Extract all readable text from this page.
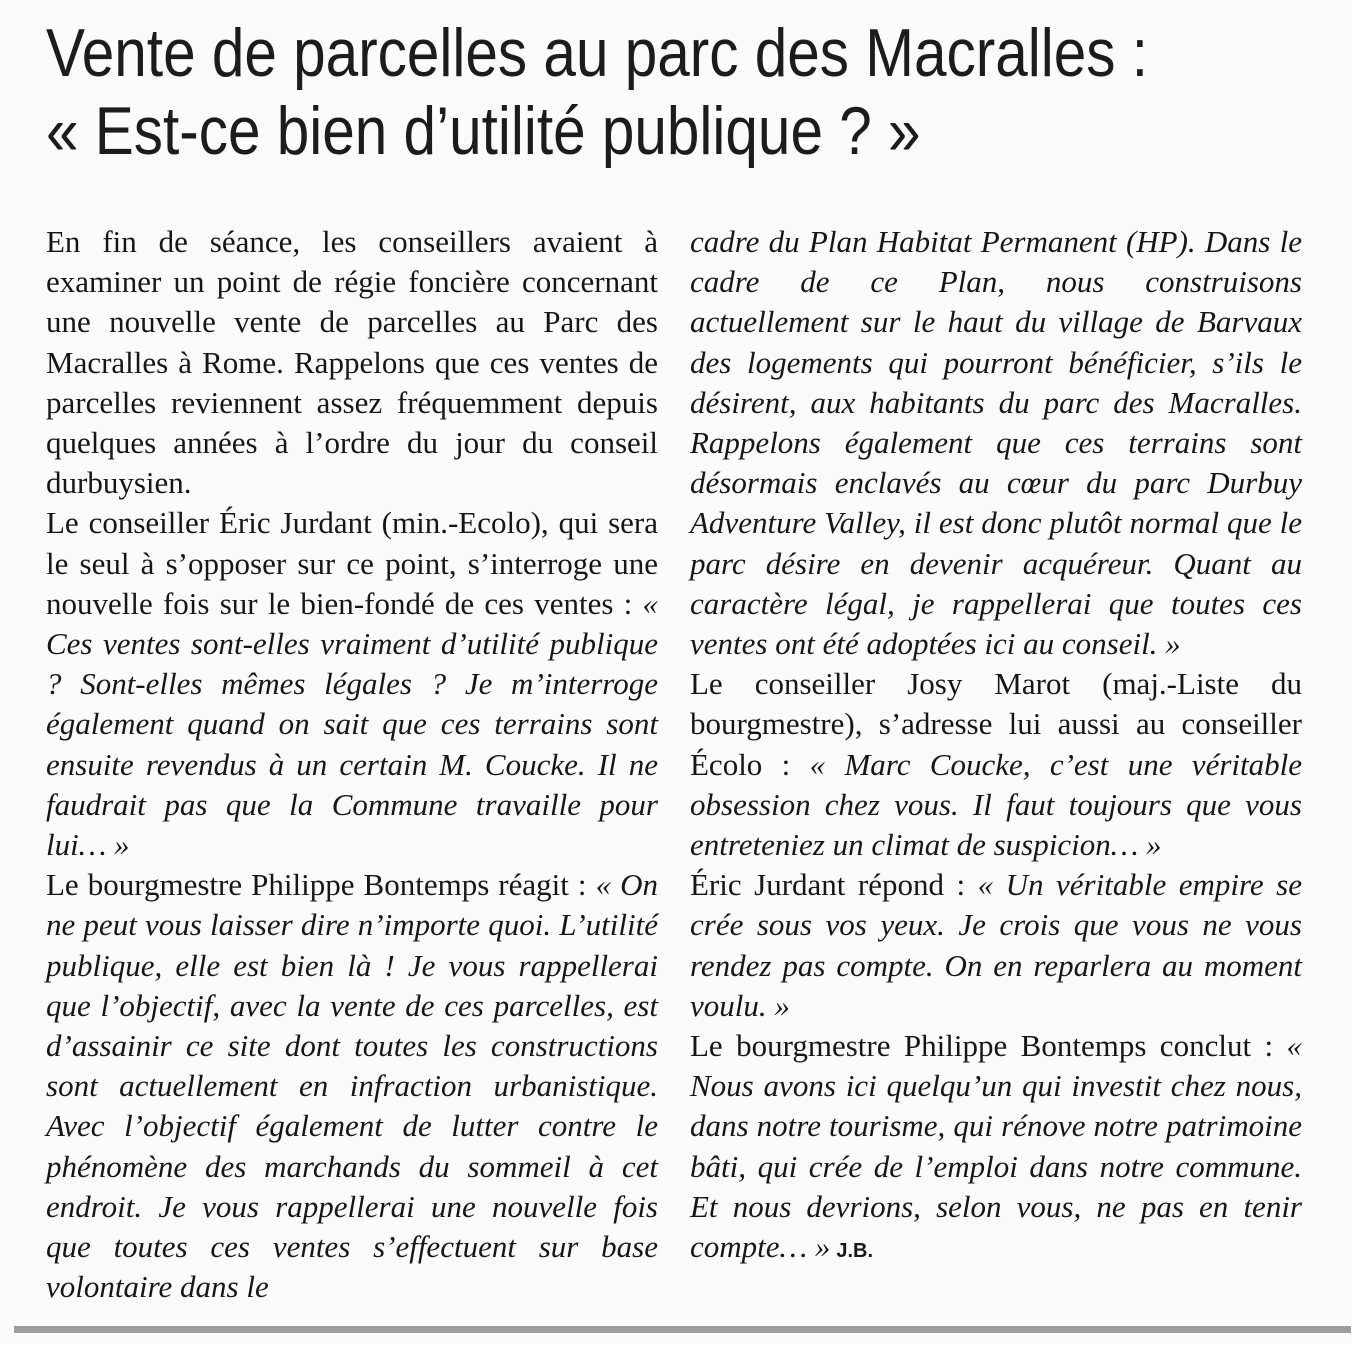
Vente de parcelles au parc des Macralles :
« Est-ce bien d’utilité publique ? »

En fin de séance, les conseillers avaient à examiner un point de régie foncière concernant une nouvelle vente de parcelles au Parc des Macralles à Rome. Rappelons que ces ventes de parcelles reviennent assez fréquemment depuis quelques années à l’ordre du jour du conseil durbuysien.

Le conseiller Éric Jurdant (min.-Ecolo), qui sera le seul à s’opposer sur ce point, s’interroge une nouvelle fois sur le bien-fondé de ces ventes : « Ces ventes sont-elles vraiment d’utilité publique ? Sont-elles mêmes légales ? Je m’interroge également quand on sait que ces terrains sont ensuite revendus à un certain M. Coucke. Il ne faudrait pas que la Commune travaille pour lui… »

Le bourgmestre Philippe Bontemps réagit : « On ne peut vous laisser dire n’importe quoi. L’utilité publique, elle est bien là ! Je vous rappellerai que l’objectif, avec la vente de ces parcelles, est d’assainir ce site dont toutes les constructions sont actuellement en infraction urbanistique. Avec l’objectif également de lutter contre le phénomène des marchands du sommeil à cet endroit. Je vous rappellerai une nouvelle fois que toutes ces ventes s’effectuent sur base volontaire dans le

cadre du Plan Habitat Permanent (HP). Dans le cadre de ce Plan, nous construisons actuellement sur le haut du village de Barvaux des logements qui pourront bénéficier, s’ils le désirent, aux habitants du parc des Macralles. Rappelons également que ces terrains sont désormais enclavés au cœur du parc Durbuy Adventure Valley, il est donc plutôt normal que le parc désire en devenir acquéreur. Quant au caractère légal, je rappellerai que toutes ces ventes ont été adoptées ici au conseil. »

Le conseiller Josy Marot (maj.-Liste du bourgmestre), s’adresse lui aussi au conseiller Écolo : « Marc Coucke, c’est une véritable obsession chez vous. Il faut toujours que vous entreteniez un climat de suspicion… »

Éric Jurdant répond : « Un véritable empire se crée sous vos yeux. Je crois que vous ne vous rendez pas compte. On en reparlera au moment voulu. »

Le bourgmestre Philippe Bontemps conclut : « Nous avons ici quelqu’un qui investit chez nous, dans notre tourisme, qui rénove notre patrimoine bâti, qui crée de l’emploi dans notre commune. Et nous devrions, selon vous, ne pas en tenir compte… » J.B.
